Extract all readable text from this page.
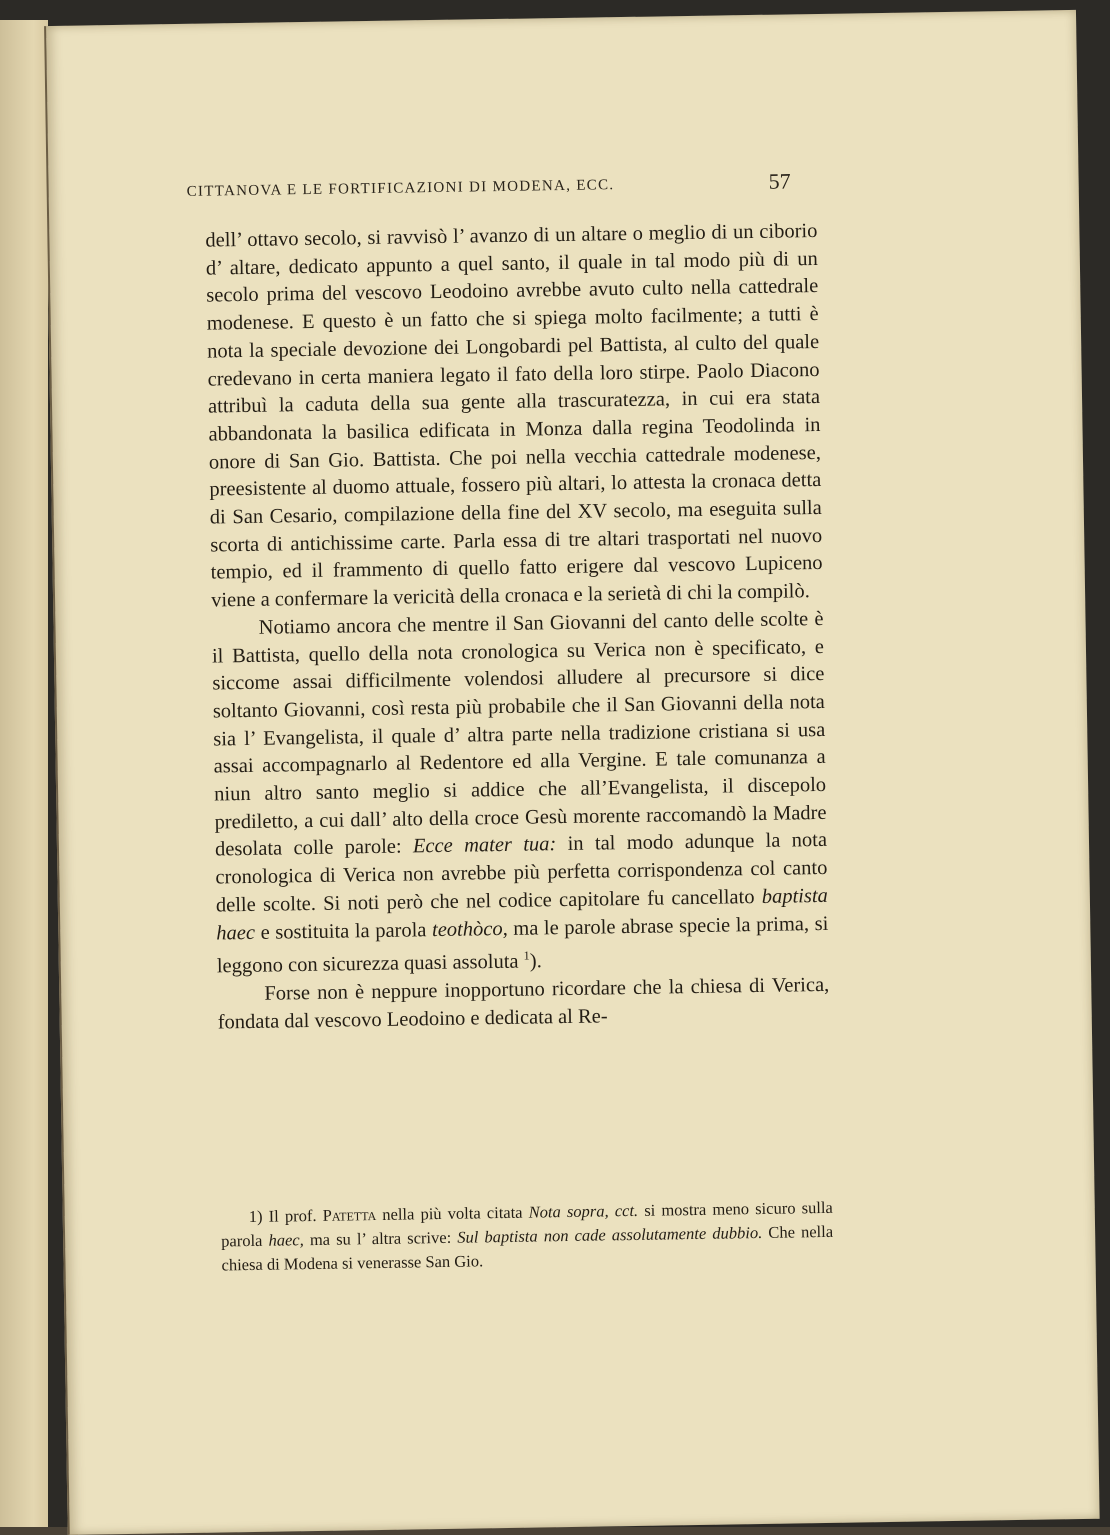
CITTANOVA E LE FORTIFICAZIONI DI MODENA, ECC.	57

dell’ ottavo secolo, si ravvisò l’ avanzo di un altare o meglio di un ciborio d’ altare, dedicato appunto a quel santo, il quale in tal modo più di un secolo prima del vescovo Leodoino avrebbe avuto culto nella cattedrale modenese. E questo è un fatto che si spiega molto facilmente; a tutti è nota la speciale devozione dei Longobardi pel Battista, al culto del quale credevano in certa maniera legato il fato della loro stirpe. Paolo Diacono attribuì la caduta della sua gente alla trascuratezza, in cui era stata abbandonata la basilica edificata in Monza dalla regina Teodolinda in onore di San Gio. Battista. Che poi nella vecchia cattedrale modenese, preesistente al duomo attuale, fossero più altari, lo attesta la cronaca detta di San Cesario, compilazione della fine del XV secolo, ma eseguita sulla scorta di antichissime carte. Parla essa di tre altari trasportati nel nuovo tempio, ed il frammento di quello fatto erigere dal vescovo Lupiceno viene a confermare la vericità della cronaca e la serietà di chi la compilò.

Notiamo ancora che mentre il San Giovanni del canto delle scolte è il Battista, quello della nota cronologica su Verica non è specificato, e siccome assai difficilmente volendosi alludere al precursore si dice soltanto Giovanni, così resta più probabile che il San Giovanni della nota sia l’ Evangelista, il quale d’ altra parte nella tradizione cristiana si usa assai accompagnarlo al Redentore ed alla Vergine. E tale comunanza a niun altro santo meglio si addice che all’Evangelista, il discepolo prediletto, a cui dall’ alto della croce Gesù morente raccomandò la Madre desolata colle parole: Ecce mater tua: in tal modo adunque la nota cronologica di Verica non avrebbe più perfetta corrispondenza col canto delle scolte. Si noti però che nel codice capitolare fu cancellato baptista haec e sostituita la parola teothòco, ma le parole abrase specie la prima, si leggono con sicurezza quasi assoluta $^1$).

Forse non è neppure inopportuno ricordare che la chiesa di Verica, fondata dal vescovo Leodoino e dedicata al Re-

1) Il prof. Patetta nella più volta citata Nota sopra, cct. si mostra meno sicuro sulla parola haec, ma su l’ altra scrive: Sul baptista non cade assolutamente dubbio. Che nella chiesa di Modena si venerasse San Gio.
